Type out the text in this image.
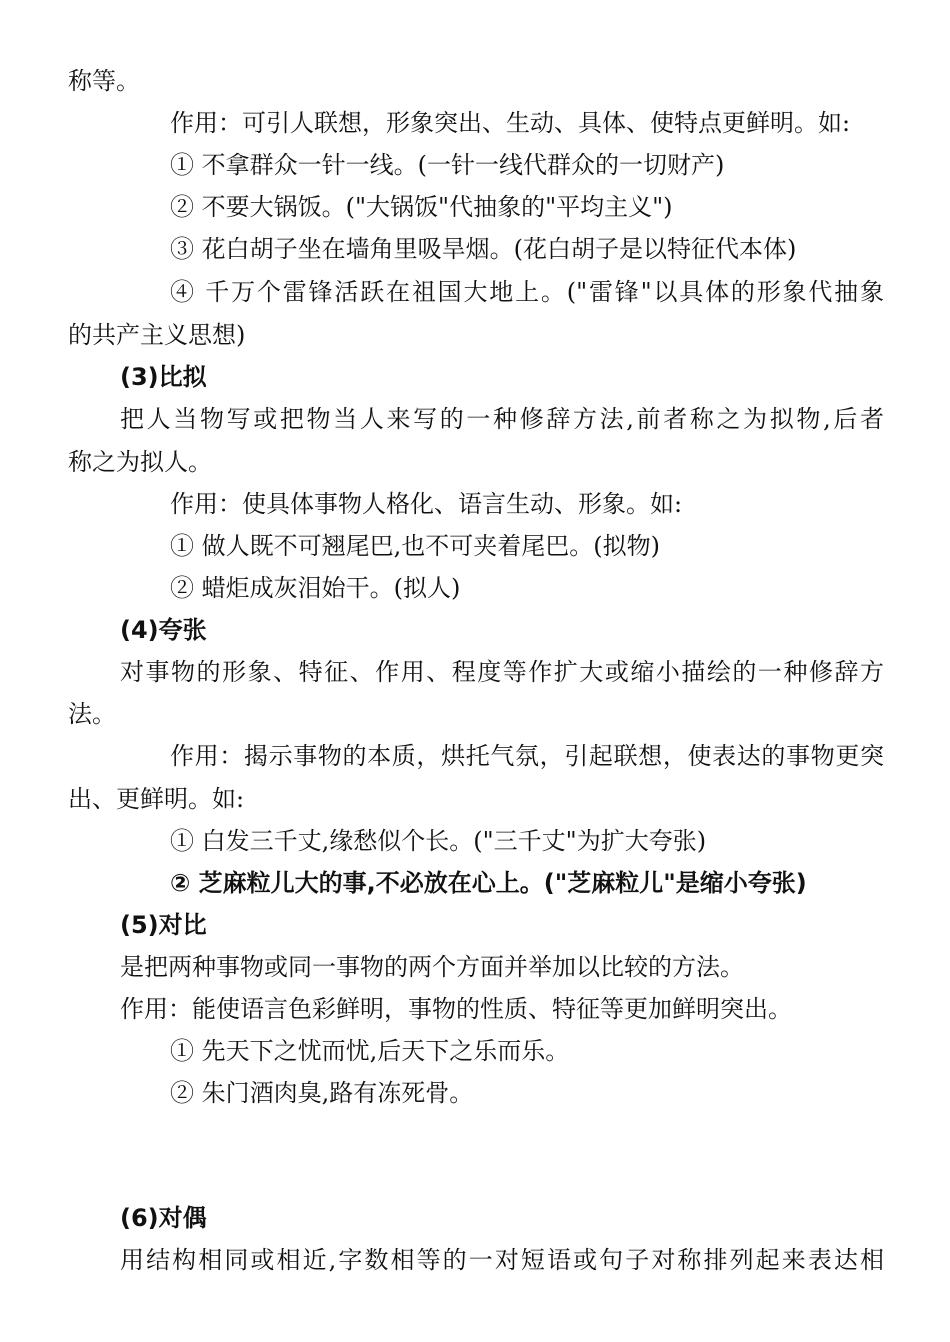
称等。
作用：可引人联想，形象突出、生动、具体、使特点更鲜明。如:
① 不拿群众一针一线。(一针一线代群众的一切财产)
② 不要大锅饭。("大锅饭"代抽象的"平均主义")
③ 花白胡子坐在墙角里吸旱烟。(花白胡子是以特征代本体)
④ 千万个雷锋活跃在祖国大地上。("雷锋"以具体的形象代抽象
的共产主义思想)
(3)比拟
把人当物写或把物当人来写的一种修辞方法,前者称之为拟物,后者
称之为拟人。
作用：使具体事物人格化、语言生动、形象。如:
① 做人既不可翘尾巴,也不可夹着尾巴。(拟物)
② 蜡炬成灰泪始干。(拟人)
(4)夸张
对事物的形象、特征、作用、程度等作扩大或缩小描绘的一种修辞方
法。
作用：揭示事物的本质，烘托气氛，引起联想，使表达的事物更突
出、更鲜明。如:
① 白发三千丈,缘愁似个长。("三千丈"为扩大夸张)
② 芝麻粒儿大的事,不必放在心上。("芝麻粒儿"是缩小夸张)
(5)对比
是把两种事物或同一事物的两个方面并举加以比较的方法。
作用：能使语言色彩鲜明，事物的性质、特征等更加鲜明突出。
① 先天下之忧而忧,后天下之乐而乐。
② 朱门酒肉臭,路有冻死骨。
(6)对偶
用结构相同或相近,字数相等的一对短语或句子对称排列起来表达相
